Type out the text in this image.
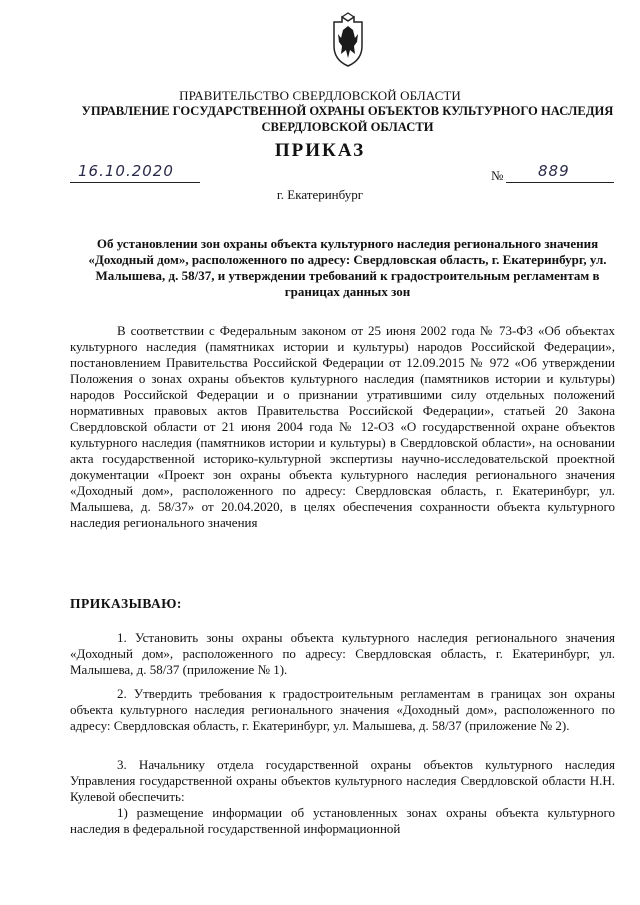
ПРАВИТЕЛЬСТВО СВЕРДЛОВСКОЙ ОБЛАСТИ
УПРАВЛЕНИЕ ГОСУДАРСТВЕННОЙ ОХРАНЫ ОБЪЕКТОВ КУЛЬТУРНОГО НАСЛЕДИЯ СВЕРДЛОВСКОЙ ОБЛАСТИ
ПРИКАЗ
16.10.2020	№ 889
г. Екатеринбург
Об установлении зон охраны объекта культурного наследия регионального значения «Доходный дом», расположенного по адресу: Свердловская область, г. Екатеринбург, ул. Малышева, д. 58/37, и утверждении требований к градостроительным регламентам в границах данных зон
В соответствии с Федеральным законом от 25 июня 2002 года № 73-ФЗ «Об объектах культурного наследия (памятниках истории и культуры) народов Российской Федерации», постановлением Правительства Российской Федерации от 12.09.2015 № 972 «Об утверждении Положения о зонах охраны объектов культурного наследия (памятников истории и культуры) народов Российской Федерации и о признании утратившими силу отдельных положений нормативных правовых актов Правительства Российской Федерации», статьей 20 Закона Свердловской области от 21 июня 2004 года № 12-ОЗ «О государственной охране объектов культурного наследия (памятников истории и культуры) в Свердловской области», на основании акта государственной историко-культурной экспертизы научно-исследовательской проектной документации «Проект зон охраны объекта культурного наследия регионального значения «Доходный дом», расположенного по адресу: Свердловская область, г. Екатеринбург, ул. Малышева, д. 58/37» от 20.04.2020, в целях обеспечения сохранности объекта культурного наследия регионального значения
ПРИКАЗЫВАЮ:
1. Установить зоны охраны объекта культурного наследия регионального значения «Доходный дом», расположенного по адресу: Свердловская область, г. Екатеринбург, ул. Малышева, д. 58/37 (приложение № 1).
2. Утвердить требования к градостроительным регламентам в границах зон охраны объекта культурного наследия регионального значения «Доходный дом», расположенного по адресу: Свердловская область, г. Екатеринбург, ул. Малышева, д. 58/37 (приложение № 2).
3. Начальнику отдела государственной охраны объектов культурного наследия Управления государственной охраны объектов культурного наследия Свердловской области Н.Н. Кулевой обеспечить:
1) размещение информации об установленных зонах охраны объекта культурного наследия в федеральной государственной информационной
